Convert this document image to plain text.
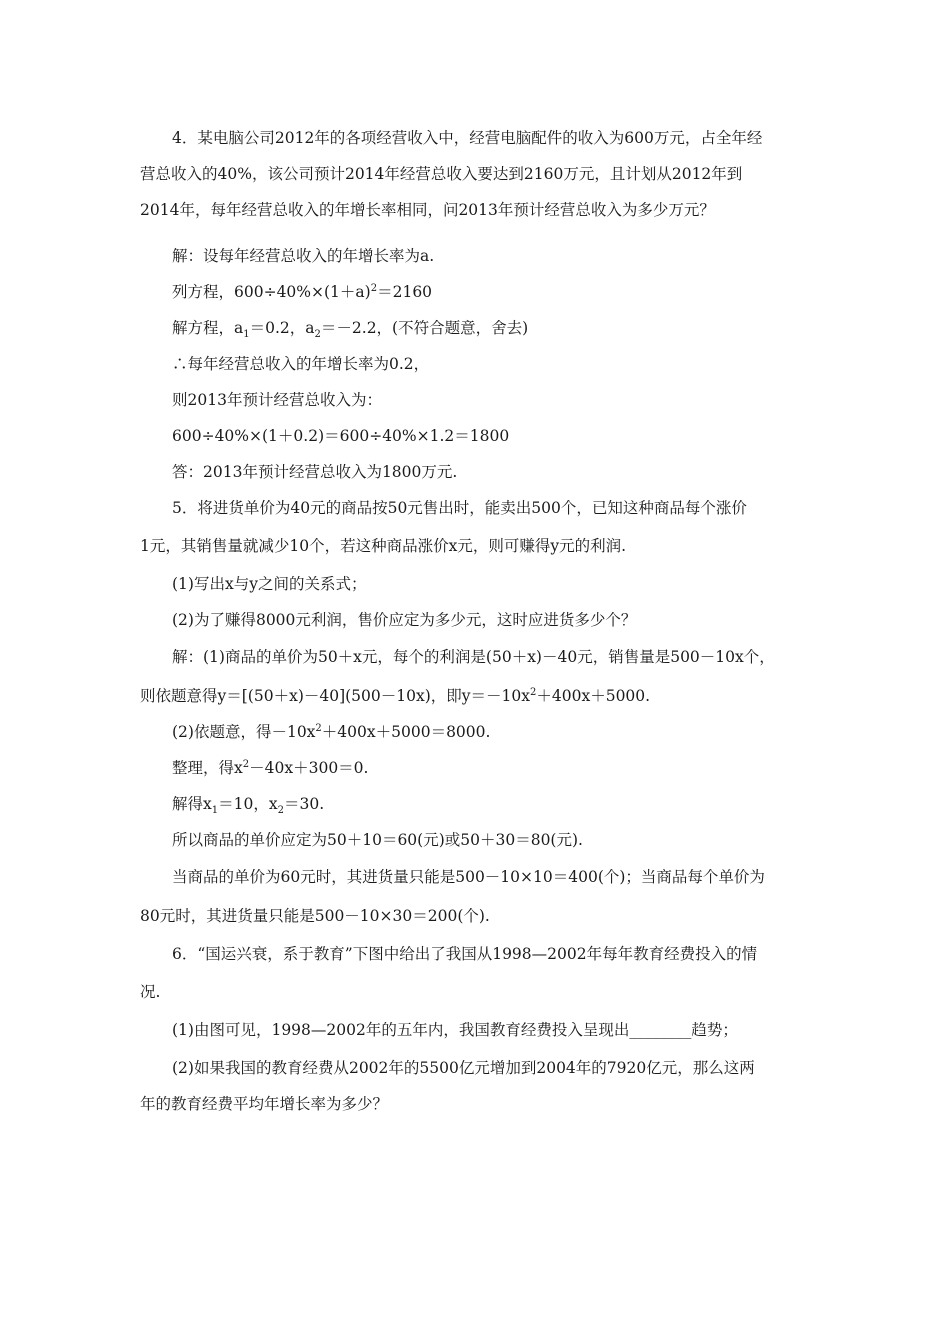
4．某电脑公司2012年的各项经营收入中，经营电脑配件的收入为600万元，占全年经
营总收入的40%，该公司预计2014年经营总收入要达到2160万元，且计划从2012年到
2014年，每年经营总收入的年增长率相同，问2013年预计经营总收入为多少万元？
解：设每年经营总收入的年增长率为a.
列方程，$600\div 40\%\times(1+a)^2=2160$
解方程，$a_1=0.2$，$a_2=-2.2$，(不符合题意，舍去)
∴每年经营总收入的年增长率为0.2，
则2013年预计经营总收入为：
600÷40%×(1＋0.2)＝600÷40%×1.2＝1800
答：2013年预计经营总收入为1800万元.
5．将进货单价为40元的商品按50元售出时，能卖出500个，已知这种商品每个涨价
1元，其销售量就减少10个，若这种商品涨价x元，则可赚得y元的利润.
(1)写出x与y之间的关系式；
(2)为了赚得8000元利润，售价应定为多少元，这时应进货多少个？
解：(1)商品的单价为50＋x元，每个的利润是(50＋x)－40元，销售量是500－10x个，
则依题意得y＝[(50＋x)－40](500－10x)，即$y=-10x^2+400x+5000$.
(2)依题意，得$-10x^2+400x+5000=8000$.
整理，得$x^2-40x+300=0$.
解得$x_1=10$，$x_2=30$.
所以商品的单价应定为50＋10＝60(元)或50＋30＝80(元).
当商品的单价为60元时，其进货量只能是500－10×10＝400(个)；当商品每个单价为
80元时，其进货量只能是500－10×30＝200(个).
6．“国运兴衰，系于教育”下图中给出了我国从1998—2002年每年教育经费投入的情
况.
(1)由图可见，1998—2002年的五年内，我国教育经费投入呈现出________趋势；
(2)如果我国的教育经费从2002年的5500亿元增加到2004年的7920亿元，那么这两
年的教育经费平均年增长率为多少？
